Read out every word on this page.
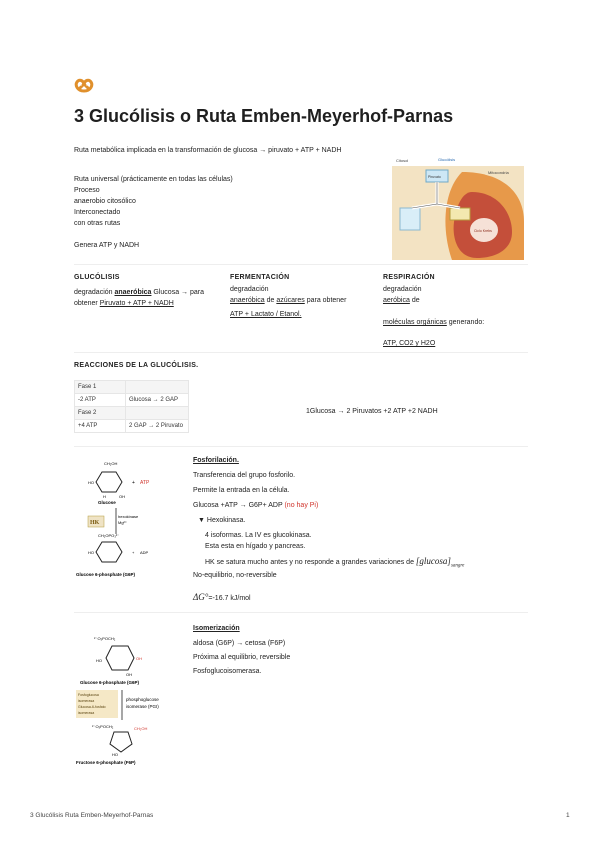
3 Glucólisis o Ruta Emben-Meyerhof-Parnas
Ruta metabólica implicada en la transformación de glucosa → piruvato + ATP + NADH
Ruta universal (prácticamente en todas las células)
Proceso
anaerobio citosólico
Interconectado
con otras rutas
Genera ATP y NADH
Citosol	Glucólisis
Piruvato
Mitocondria
Ciclo Krebs
GLUCÓLISIS
degradación anaeróbica Glucosa → para
obtener Piruvato + ATP + NADH
FERMENTACIÓN
degradación
anaeróbica de azúcares para obtener
ATP + Lactato / Etanol.
RESPIRACIÓN
degradación
aeróbica de
moléculas orgánicas generando:
ATP, CO2 y H2O
REACCIONES DE LA GLUCÓLISIS.
Fase 1	
-2 ATP	Glucosa → 2 GAP
Fase 2	
+4 ATP	2 GAP → 2 Piruvato
1Glucosa → 2 Piruvatos +2 ATP +2 NADH
CH₂OH
HO
OH
H
Glucose
+ ATP
HK
hexokinase
Mg²⁺
CH₂OPO₃²⁻
HO	+ ADP
Glucose 6-phosphate (G6P)
Fosforilación.
Transferencia del grupo fosforilo.
Permite la entrada en la célula.
Glucosa +ATP → G6P+ ADP (no hay Pi)
▼ Hexokinasa.
4 isoformas. La IV es glucokinasa.
Esta esta en hígado y pancreas.
HK se satura mucho antes y no responde a grandes variaciones de $[glucosa]_{sangre}$
No-equilibrio, no-reversible
ΔG°=-16.7 kJ/mol
²⁻O₃POCH₂
HO	OH
OH
Glucose 6-phosphate (G6P)
Fosfoglucosa
isomerasa
Glucosa-6-fosfato
isomerasa
phosphoglucose
isomerase (PGI)
²⁻O₃POCH₂	CH₂OH
HO
Fructose 6-phosphate (F6P)
Isomerización
aldosa (G6P) → cetosa (F6P)
Próxima al equilibrio, reversible
Fosfoglucoisomerasa.
3 Glucólisis Ruta Emben-Meyerhof-Parnas	1
